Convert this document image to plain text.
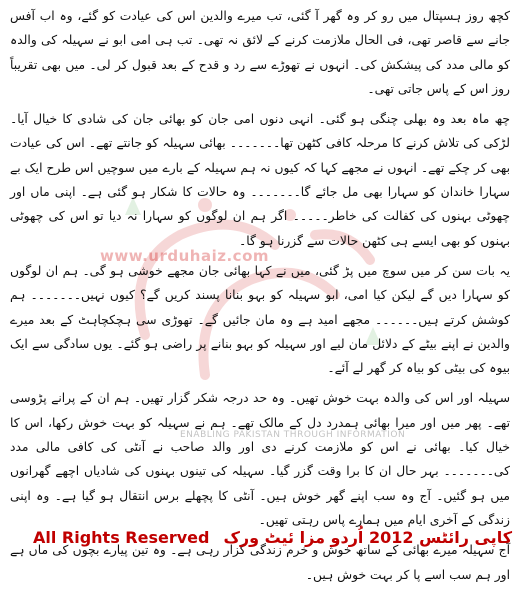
www.urduhaiz.com
ENABLING PAKISTAN THROUGH INFORMATION

کچھ روز ہسپتال میں رو کر وہ گھر آ گئی، تب میرے والدین اس کی عیادت کو گئے، وہ اب آفس جانے سے قاصر تھی، فی الحال ملازمت کرنے کے لائق نہ تھی۔ تب ہی امی ابو نے سہیلہ کی والدہ کو مالی مدد کی پیشکش کی۔ انہوں نے تھوڑے سے رد و قدح کے بعد قبول کر لی۔ میں بھی تقریباً روز اس کے پاس جاتی تھی۔

چھ ماہ بعد وہ بھلی چنگی ہو گئی۔ انہی دنوں امی جان کو بھائی جان کی شادی کا خیال آیا۔ لڑکی کی تلاش کرنے کا مرحلہ کافی کٹھن تھا۔۔۔۔۔۔۔ بھائی سہیلہ کو جانتے تھے۔ اس کی عیادت بھی کر چکے تھے۔ انہوں نے مجھے کہا کہ کیوں نہ ہم سہیلہ کے بارے میں سوچیں اس طرح ایک بے سہارا خاندان کو سہارا بھی مل جائے گا۔۔۔۔۔۔۔ وہ حالات کا شکار ہو گئی ہے۔ اپنی ماں اور چھوٹی بہنوں کی کفالت کی خاطر۔۔۔۔۔ اگر ہم ان لوگوں کو سہارا نہ دیا تو اس کی چھوٹی بہنوں کو بھی ایسے ہی کٹھن حالات سے گزرنا ہو گا۔

یہ بات سن کر میں سوچ میں پڑ گئی، میں نے کہا بھائی جان مجھے خوشی ہو گی۔ ہم ان لوگوں کو سہارا دیں گے لیکن کیا امی، ابو سہیلہ کو بہو بنانا پسند کریں گے؟ کیوں نہیں۔۔۔۔۔۔۔ ہم کوشش کرتے ہیں۔۔۔۔۔۔ مجھے امید ہے وہ مان جائیں گے۔ تھوڑی سی ہچکچاہٹ کے بعد میرے والدین نے اپنے بیٹے کے دلائل مان لیے اور سہیلہ کو بہو بنانے پر راضی ہو گئے۔ یوں سادگی سے ایک بیوہ کی بیٹی کو بیاہ کر گھر لے آئے۔

سہیلہ اور اس کی والدہ بہت خوش تھیں۔ وہ حد درجہ شکر گزار تھیں۔ ہم ان کے پرانے پڑوسی تھے۔ پھر میں اور میرا بھائی ہمدرد دل کے مالک تھے۔ ہم نے سہیلہ کو بہت خوش رکھا، اس کا خیال کیا۔ بھائی نے اس کو ملازمت کرنے دی اور والد صاحب نے آنٹی کی کافی مالی مدد کی۔۔۔۔۔۔۔ بہر حال ان کا برا وقت گزر گیا۔ سہیلہ کی تینوں بہنوں کی شادیاں اچھے گھرانوں میں ہو گئیں۔ آج وہ سب اپنے گھر خوش ہیں۔ آنٹی کا پچھلے برس انتقال ہو گیا ہے۔ وہ اپنی زندگی کے آخری ایام میں ہمارے پاس رہتی تھیں۔

آج سہیلہ میرے بھائی کے ساتھ خوش و خرم زندگی گزار رہی ہے۔ وہ تین پیارے بچوں کی ماں ہے اور ہم سب اسے پا کر بہت خوش ہیں۔

All Rights Reserved کاپی رائٹس 2012 اُردو مزا ئیٹ ورک
